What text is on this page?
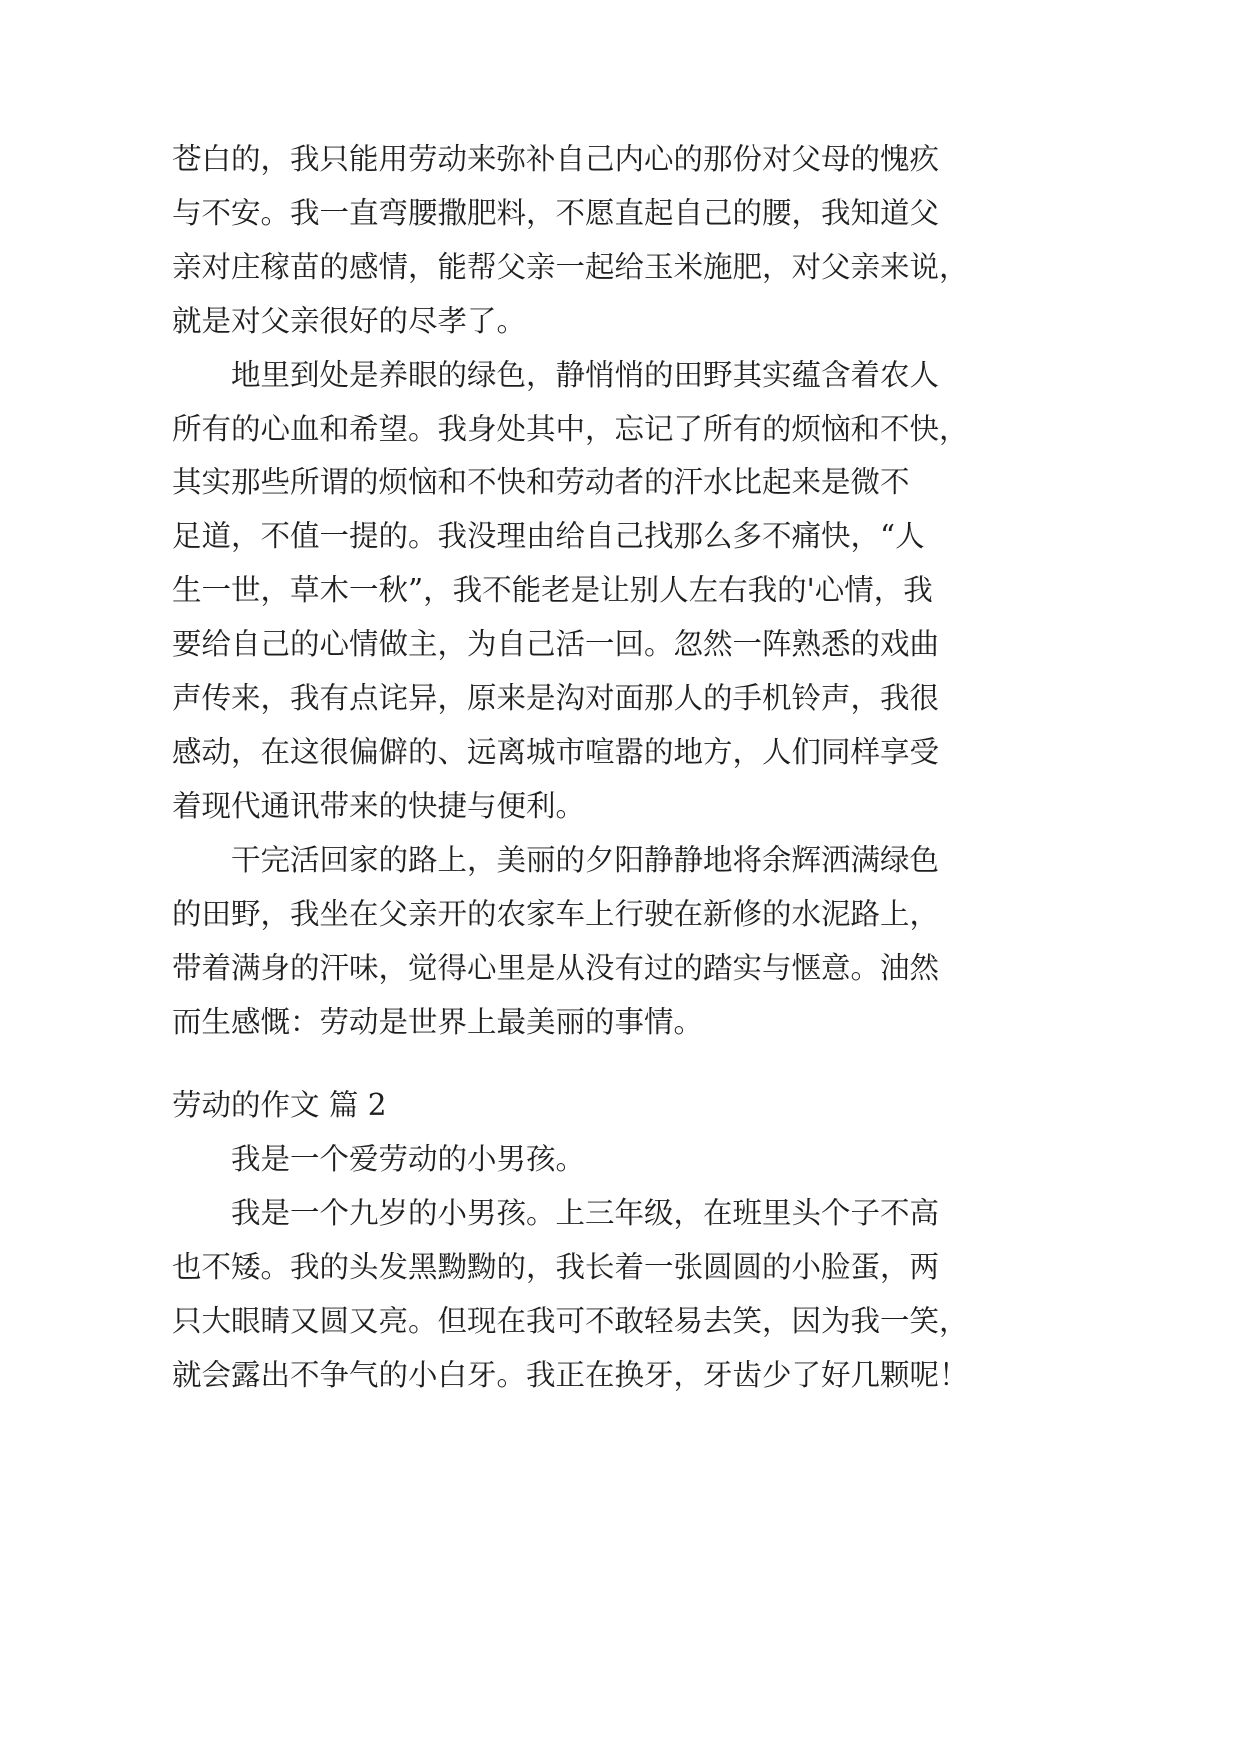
苍白的，我只能用劳动来弥补自己内心的那份对父母的愧疚
与不安。我一直弯腰撒肥料，不愿直起自己的腰，我知道父
亲对庄稼苗的感情，能帮父亲一起给玉米施肥，对父亲来说，
就是对父亲很好的尽孝了。
地里到处是养眼的绿色，静悄悄的田野其实蕴含着农人
所有的心血和希望。我身处其中，忘记了所有的烦恼和不快，
其实那些所谓的烦恼和不快和劳动者的汗水比起来是微不
足道，不值一提的。我没理由给自己找那么多不痛快，“人
生一世，草木一秋”，我不能老是让别人左右我的'心情，我
要给自己的心情做主，为自己活一回。忽然一阵熟悉的戏曲
声传来，我有点诧异，原来是沟对面那人的手机铃声，我很
感动，在这很偏僻的、远离城市喧嚣的地方，人们同样享受
着现代通讯带来的快捷与便利。
干完活回家的路上，美丽的夕阳静静地将余辉洒满绿色
的田野，我坐在父亲开的农家车上行驶在新修的水泥路上，
带着满身的汗味，觉得心里是从没有过的踏实与惬意。油然
而生感慨：劳动是世界上最美丽的事情。
劳动的作文 篇 2
我是一个爱劳动的小男孩。
我是一个九岁的小男孩。上三年级，在班里头个子不高
也不矮。我的头发黑黝黝的，我长着一张圆圆的小脸蛋，两
只大眼睛又圆又亮。但现在我可不敢轻易去笑，因为我一笑，
就会露出不争气的小白牙。我正在换牙，牙齿少了好几颗呢！
